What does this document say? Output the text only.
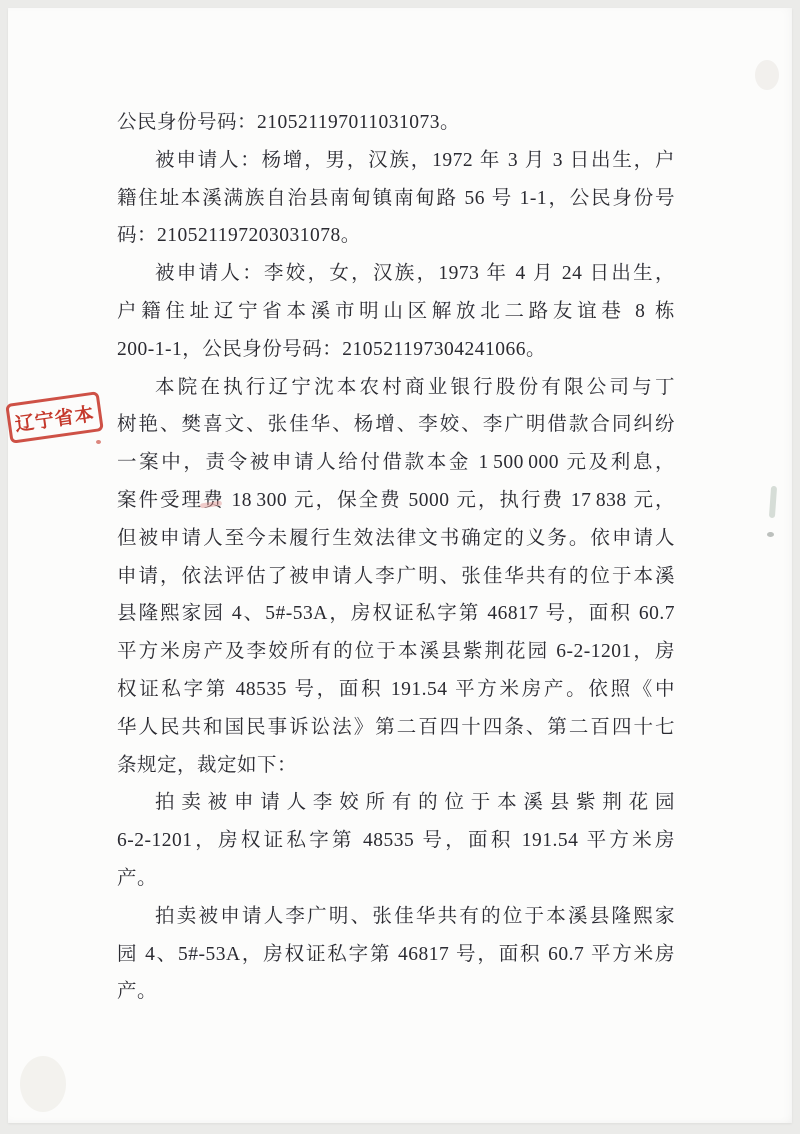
公民身份号码：210521197011031073。
被申请人：杨增，男，汉族，1972 年 3 月 3 日出生，户
籍住址本溪满族自治县南甸镇南甸路 56 号 1-1，公民身份号
码：210521197203031078。
被申请人：李姣，女，汉族，1973 年 4 月 24 日出生，
户籍住址辽宁省本溪市明山区解放北二路友谊巷 8 栋
200-1-1，公民身份号码：210521197304241066。
本院在执行辽宁沈本农村商业银行股份有限公司与丁
树艳、樊喜文、张佳华、杨增、李姣、李广明借款合同纠纷
一案中，责令被申请人给付借款本金 1 500 000 元及利息，
案件受理费 18 300 元，保全费 5000 元，执行费 17 838 元，
但被申请人至今未履行生效法律文书确定的义务。依申请人
申请，依法评估了被申请人李广明、张佳华共有的位于本溪
县隆熙家园 4、5#-53A，房权证私字第 46817 号，面积 60.7
平方米房产及李姣所有的位于本溪县紫荆花园 6-2-1201，房
权证私字第 48535 号，面积 191.54 平方米房产。依照《中
华人民共和国民事诉讼法》第二百四十四条、第二百四十七
条规定，裁定如下：
拍卖被申请人李姣所有的位于本溪县紫荆花园
6-2-1201，房权证私字第 48535 号，面积 191.54 平方米房
产。
拍卖被申请人李广明、张佳华共有的位于本溪县隆熙家
园 4、5#-53A，房权证私字第 46817 号，面积 60.7 平方米房
产。
辽宁省本
